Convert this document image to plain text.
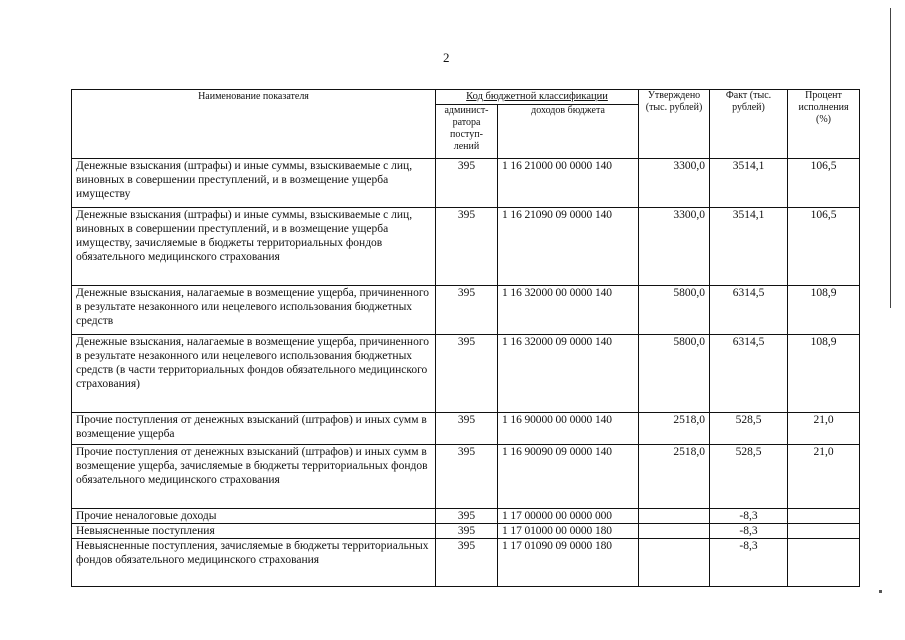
2
Наименование показателя	Код бюджетной классификации		Утверждено (тыс. рублей)	Факт (тыс. рублей)	Процент исполнения (%)
	админист-ратора поступ-лений	доходов бюджета			
Денежные взыскания (штрафы) и иные суммы, взыскиваемые с лиц, виновных в совершении преступлений, и в возмещение ущерба имуществу	395	1 16 21000 00 0000 140	3300,0	3514,1	106,5
Денежные взыскания (штрафы) и иные суммы, взыскиваемые с лиц, виновных в совершении преступлений, и в возмещение ущерба имуществу, зачисляемые в бюджеты территориальных фондов обязательного медицинского страхования	395	1 16 21090 09 0000 140	3300,0	3514,1	106,5
Денежные взыскания, налагаемые в возмещение ущерба, причиненного в результате незаконного или нецелевого использования бюджетных средств	395	1 16 32000 00 0000 140	5800,0	6314,5	108,9
Денежные взыскания, налагаемые в возмещение ущерба, причиненного в результате незаконного или нецелевого использования бюджетных средств (в части территориальных фондов обязательного медицинского страхования)	395	1 16 32000 09 0000 140	5800,0	6314,5	108,9
Прочие поступления от денежных взысканий (штрафов) и иных сумм в возмещение ущерба	395	1 16 90000 00 0000 140	2518,0	528,5	21,0
Прочие поступления от денежных взысканий (штрафов) и иных сумм в возмещение ущерба, зачисляемые в бюджеты территориальных фондов обязательного медицинского страхования	395	1 16 90090 09 0000 140	2518,0	528,5	21,0
Прочие неналоговые доходы	395	1 17 00000 00 0000 000		-8,3	
Невыясненные поступления	395	1 17 01000 00 0000 180		-8,3	
Невыясненные поступления, зачисляемые в бюджеты территориальных фондов обязательного медицинского страхования	395	1 17 01090 09 0000 180		-8,3	
